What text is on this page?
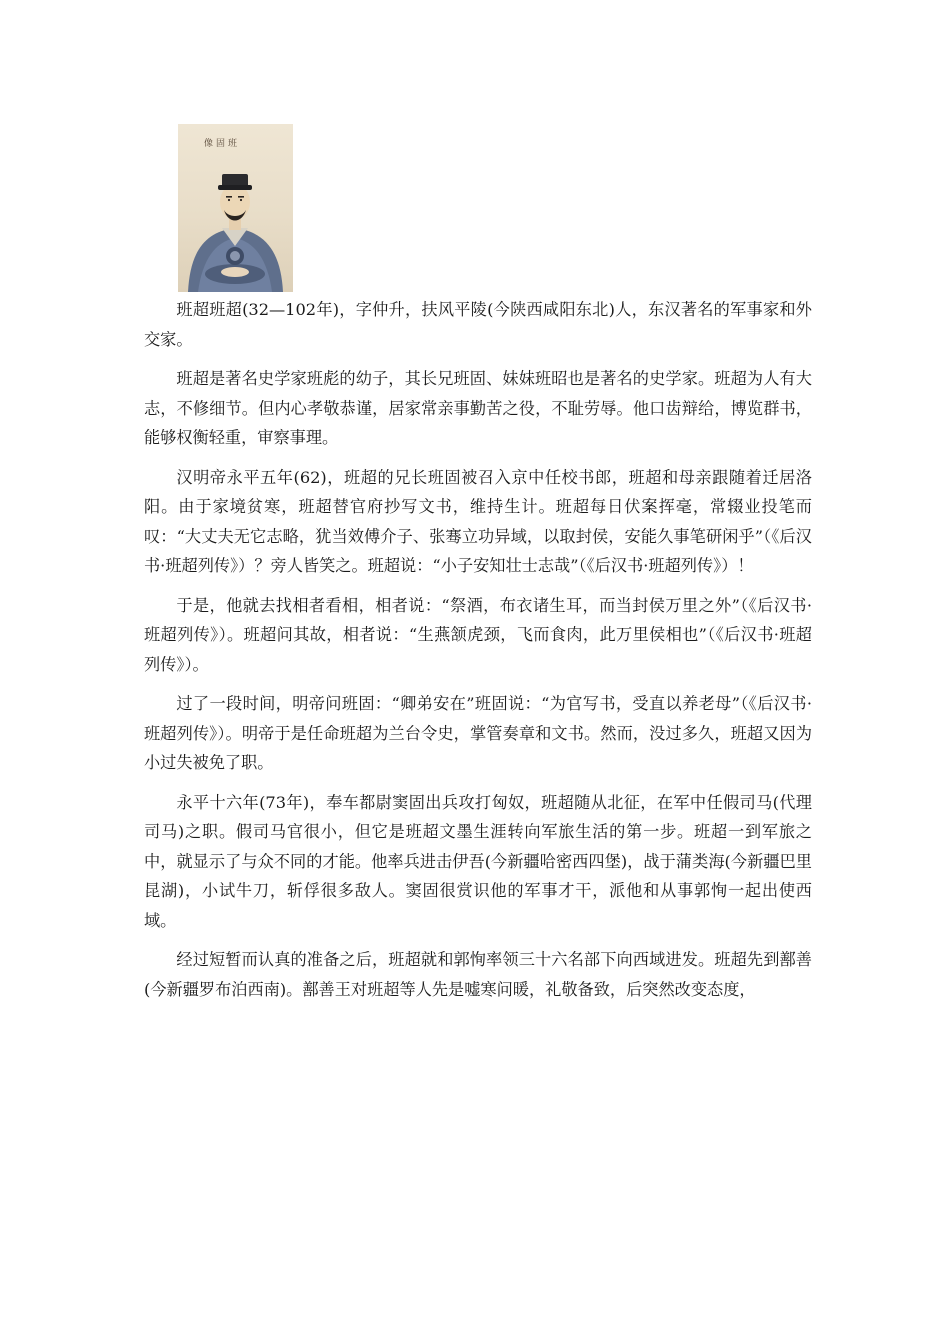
班
固
像

班超班超(32—102年)，字仲升，扶风平陵(今陕西咸阳东北)人，东汉著名的军事家和外交家。

班超是著名史学家班彪的幼子，其长兄班固、妹妹班昭也是著名的史学家。班超为人有大志，不修细节。但内心孝敬恭谨，居家常亲事勤苦之役，不耻劳辱。他口齿辩给，博览群书，能够权衡轻重，审察事理。

汉明帝永平五年(62)，班超的兄长班固被召入京中任校书郎，班超和母亲跟随着迁居洛阳。由于家境贫寒，班超替官府抄写文书，维持生计。班超每日伏案挥毫，常辍业投笔而叹：“大丈夫无它志略，犹当效傅介子、张骞立功异域，以取封侯，安能久事笔研闲乎”（《后汉书·班超列传》）？旁人皆笑之。班超说：“小子安知壮士志哉”（《后汉书·班超列传》）！

于是，他就去找相者看相，相者说：“祭酒，布衣诸生耳，而当封侯万里之外”（《后汉书·班超列传》）。班超问其故，相者说：“生燕颔虎颈，飞而食肉，此万里侯相也”（《后汉书·班超列传》）。

过了一段时间，明帝问班固：“卿弟安在”班固说：“为官写书，受直以养老母”（《后汉书·班超列传》）。明帝于是任命班超为兰台令史，掌管奏章和文书。然而，没过多久，班超又因为小过失被免了职。

永平十六年(73年)，奉车都尉窦固出兵攻打匈奴，班超随从北征，在军中任假司马(代理司马)之职。假司马官很小，但它是班超文墨生涯转向军旅生活的第一步。班超一到军旅之中，就显示了与众不同的才能。他率兵进击伊吾(今新疆哈密西四堡)，战于蒲类海(今新疆巴里昆湖)，小试牛刀，斩俘很多敌人。窦固很赏识他的军事才干，派他和从事郭恂一起出使西域。

经过短暂而认真的准备之后，班超就和郭恂率领三十六名部下向西域进发。班超先到鄯善(今新疆罗布泊西南)。鄯善王对班超等人先是嘘寒问暖，礼敬备致，后突然改变态度，
